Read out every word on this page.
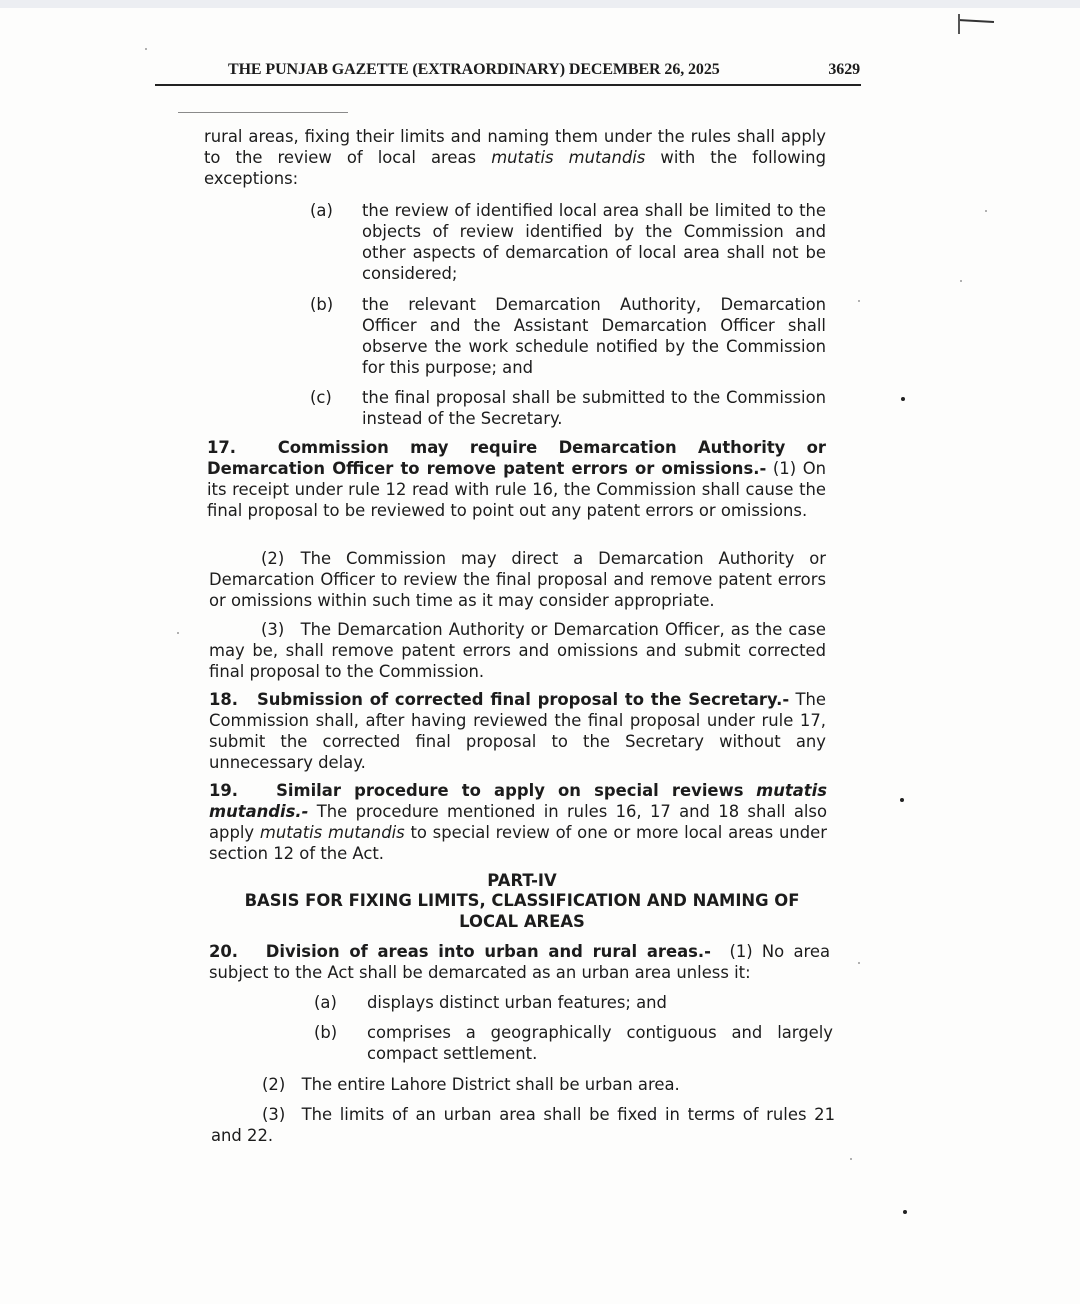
THE PUNJAB GAZETTE (EXTRAORDINARY) DECEMBER 26, 2025	3629
rural areas, fixing their limits and naming them under the rules shall apply to the review of local areas mutatis mutandis with the following exceptions:
(a) the review of identified local area shall be limited to the objects of review identified by the Commission and other aspects of demarcation of local area shall not be considered;
(b) the relevant Demarcation Authority, Demarcation Officer and the Assistant Demarcation Officer shall observe the work schedule notified by the Commission for this purpose; and
(c) the final proposal shall be submitted to the Commission instead of the Secretary.
17.	Commission may require Demarcation Authority or Demarcation Officer to remove patent errors or omissions.- (1) On its receipt under rule 12 read with rule 16, the Commission shall cause the final proposal to be reviewed to point out any patent errors or omissions.
(2) The Commission may direct a Demarcation Authority or Demarcation Officer to review the final proposal and remove patent errors or omissions within such time as it may consider appropriate.
(3) The Demarcation Authority or Demarcation Officer, as the case may be, shall remove patent errors and omissions and submit corrected final proposal to the Commission.
18. Submission of corrected final proposal to the Secretary.- The Commission shall, after having reviewed the final proposal under rule 17, submit the corrected final proposal to the Secretary without any unnecessary delay.
19. Similar procedure to apply on special reviews mutatis mutandis.- The procedure mentioned in rules 16, 17 and 18 shall also apply mutatis mutandis to special review of one or more local areas under section 12 of the Act.
PART-IV
BASIS FOR FIXING LIMITS, CLASSIFICATION AND NAMING OF
LOCAL AREAS
20. Division of areas into urban and rural areas.- (1) No area subject to the Act shall be demarcated as an urban area unless it:
(a) displays distinct urban features; and
(b) comprises a geographically contiguous and largely compact settlement.
(2) The entire Lahore District shall be urban area.
(3) The limits of an urban area shall be fixed in terms of rules 21 and 22.
